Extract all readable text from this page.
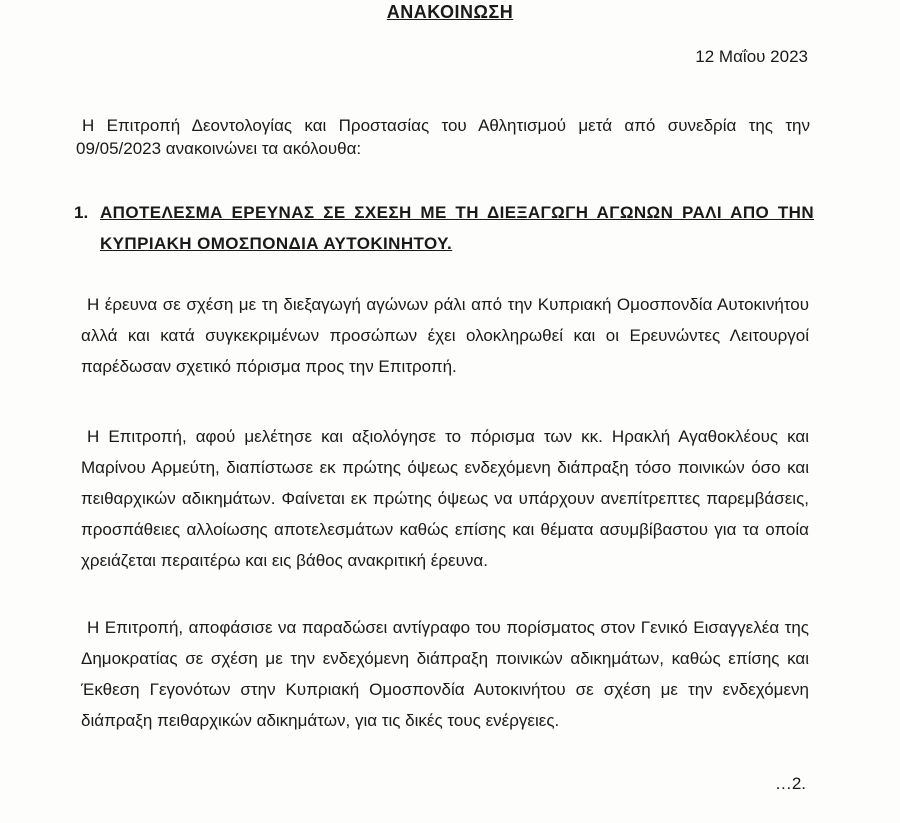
ΑΝΑΚΟΙΝΩΣΗ

12 Μαΐου 2023

Η Επιτροπή Δεοντολογίας και Προστασίας του Αθλητισμού μετά από συνεδρία της την 09/05/2023 ανακοινώνει τα ακόλουθα:

1. ΑΠΟΤΕΛΕΣΜΑ ΕΡΕΥΝΑΣ ΣΕ ΣΧΕΣΗ ΜΕ ΤΗ ΔΙΕΞΑΓΩΓΗ ΑΓΩΝΩΝ ΡΑΛΙ ΑΠΟ ΤΗΝ ΚΥΠΡΙΑΚΗ ΟΜΟΣΠΟΝΔΙΑ ΑΥΤΟΚΙΝΗΤΟΥ.

Η έρευνα σε σχέση με τη διεξαγωγή αγώνων ράλι από την Κυπριακή Ομοσπονδία Αυτοκινήτου αλλά και κατά συγκεκριμένων προσώπων έχει ολοκληρωθεί και οι Ερευνώντες Λειτουργοί παρέδωσαν σχετικό πόρισμα προς την Επιτροπή.

Η Επιτροπή, αφού μελέτησε και αξιολόγησε το πόρισμα των κκ. Ηρακλή Αγαθοκλέους και Μαρίνου Αρμεύτη, διαπίστωσε εκ πρώτης όψεως ενδεχόμενη διάπραξη τόσο ποινικών όσο και πειθαρχικών αδικημάτων. Φαίνεται εκ πρώτης όψεως να υπάρχουν ανεπίτρεπτες παρεμβάσεις, προσπάθειες αλλοίωσης αποτελεσμάτων καθώς επίσης και θέματα ασυμβίβαστου για τα οποία χρειάζεται περαιτέρω και εις βάθος ανακριτική έρευνα.

Η Επιτροπή, αποφάσισε να παραδώσει αντίγραφο του πορίσματος στον Γενικό Εισαγγελέα της Δημοκρατίας σε σχέση με την ενδεχόμενη διάπραξη ποινικών αδικημάτων, καθώς επίσης και Έκθεση Γεγονότων στην Κυπριακή Ομοσπονδία Αυτοκινήτου σε σχέση με την ενδεχόμενη διάπραξη πειθαρχικών αδικημάτων, για τις δικές τους ενέργειες.

…2.
